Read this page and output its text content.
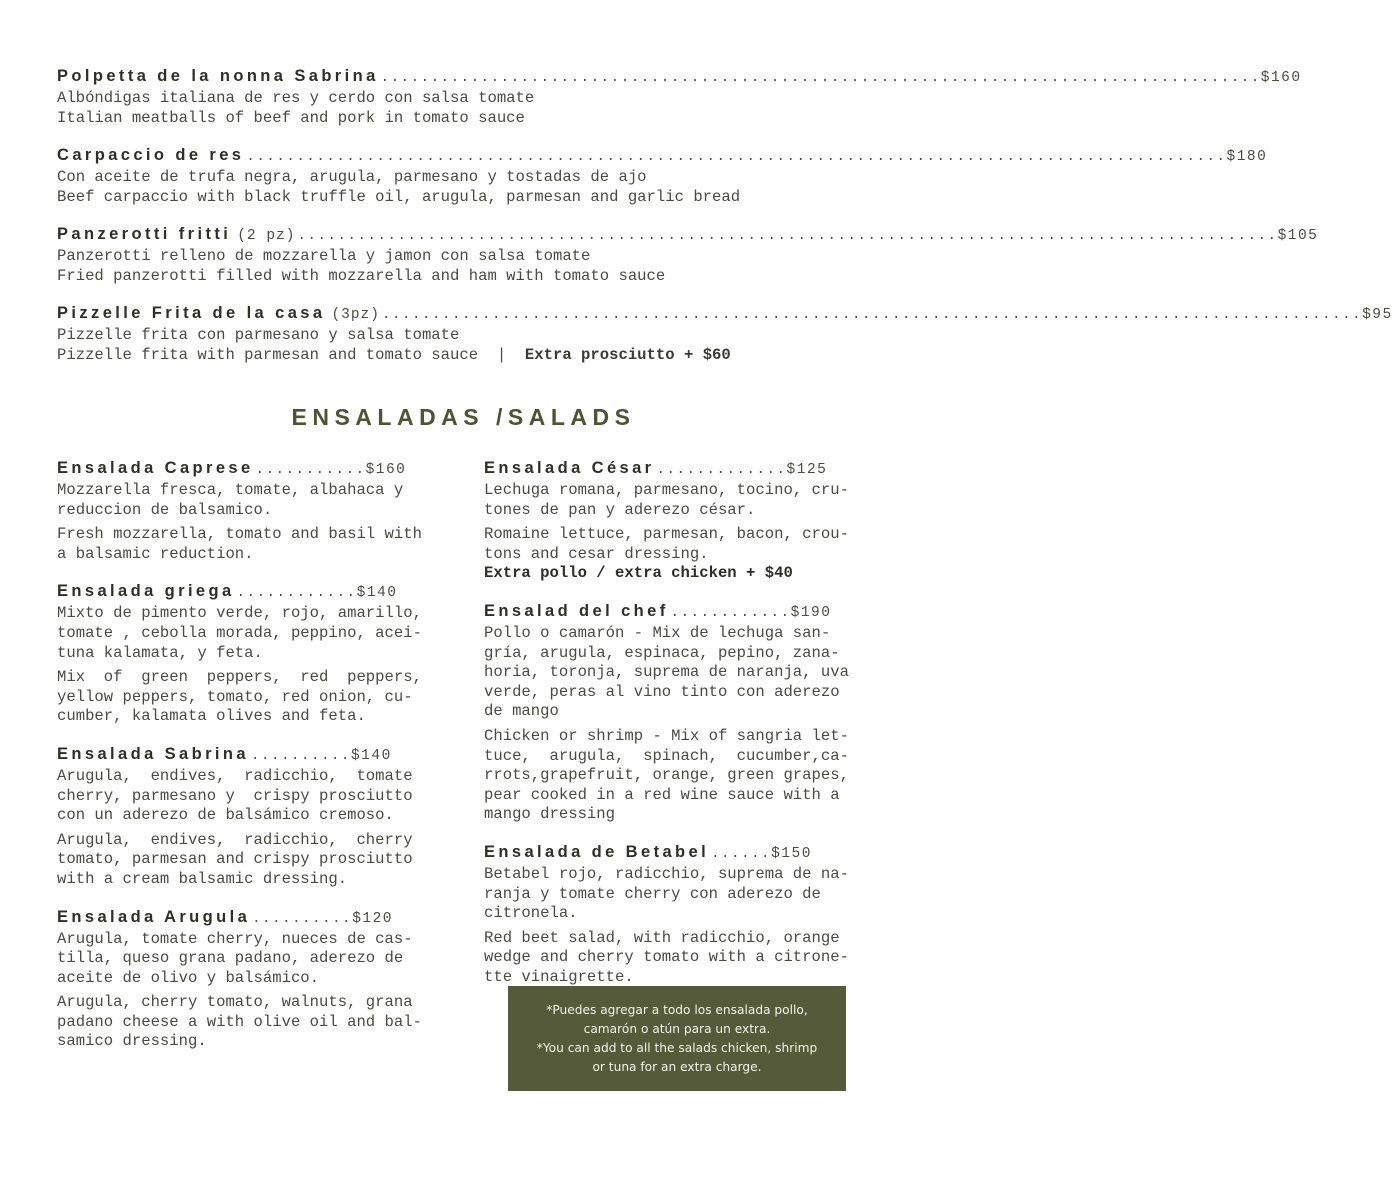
Polpetta de la nonna Sabrina ........................................................................................ $160
Albóndigas italiana de res y cerdo con salsa tomate
Italian meatballs of beef and pork in tomato sauce
Carpaccio de res .................................................................................................. $180
Con aceite de trufa negra, arugula, parmesano y tostadas de ajo
Beef carpaccio with black truffle oil, arugula, parmesan and garlic bread
Panzerotti fritti (2 pz) .................................................................................................. $105
Panzerotti relleno de mozzarella y jamon con salsa tomate
Fried panzerotti filled with mozzarella and ham with tomato sauce
Pizzelle Frita de la casa (3pz) .................................................................................................. $95
Pizzelle frita con parmesano y salsa tomate
Pizzelle frita with parmesan and tomato sauce  |  Extra prosciutto + $60
ENSALADAS /SALADS
Ensalada Caprese ........... $160
Mozzarella fresca, tomate, albahaca y
reduccion de balsamico.
Fresh mozzarella, tomato and basil with
a balsamic reduction.
Ensalada griega ............ $140
Mixto de pimento verde, rojo, amarillo,
tomate , cebolla morada, peppino, acei-
tuna kalamata, y feta.
Mix  of  green  peppers,  red  peppers,
yellow peppers, tomato, red onion, cu-
cumber, kalamata olives and feta.
Ensalada Sabrina .......... $140
Arugula,  endives,  radicchio,  tomate
cherry, parmesano y  crispy prosciutto
con un aderezo de balsámico cremoso.
Arugula,  endives,  radicchio,  cherry
tomato, parmesan and crispy prosciutto
with a cream balsamic dressing.
Ensalada Arugula .......... $120
Arugula, tomate cherry, nueces de cas-
tilla, queso grana padano, aderezo de
aceite de olivo y balsámico.
Arugula, cherry tomato, walnuts, grana
padano cheese a with olive oil and bal-
samico dressing.
Ensalada César ............. $125
Lechuga romana, parmesano, tocino, cru-
tones de pan y aderezo césar.
Romaine lettuce, parmesan, bacon, crou-
tons and cesar dressing.
Extra pollo / extra chicken + $40
Ensalad del chef ............ $190
Pollo o camarón - Mix de lechuga san-
gría, arugula, espinaca, pepino, zana-
horia, toronja, suprema de naranja, uva
verde, peras al vino tinto con aderezo
de mango
Chicken or shrimp - Mix of sangria let-
tuce,  arugula,  spinach,  cucumber,ca-
rrots,grapefruit, orange, green grapes,
pear cooked in a red wine sauce with a
mango dressing
Ensalada de Betabel ...... $150
Betabel rojo, radicchio, suprema de na-
ranja y tomate cherry con aderezo de
citronela.
Red beet salad, with radicchio, orange
wedge and cherry tomato with a citrone-
tte vinaigrette.
*Puedes agregar a todo los ensalada pollo,
camarón o atún para un extra.
*You can add to all the salads chicken, shrimp
or tuna for an extra charge.
